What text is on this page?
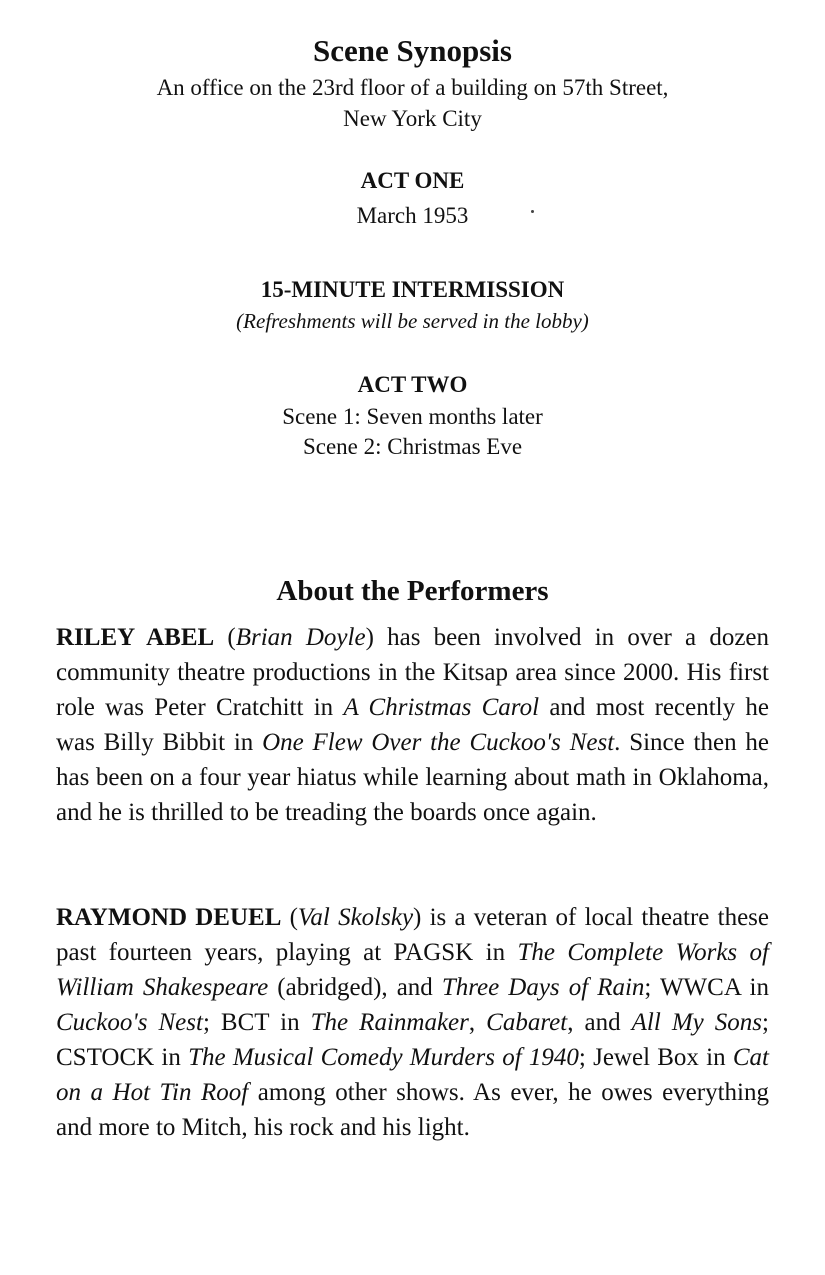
Scene Synopsis
An office on the 23rd floor of a building on 57th Street,
New York City
ACT ONE
March 1953
15-MINUTE INTERMISSION
(Refreshments will be served in the lobby)
ACT TWO
Scene 1: Seven months later
Scene 2: Christmas Eve
About the Performers
RILEY ABEL (Brian Doyle) has been involved in over a dozen community theatre productions in the Kitsap area since 2000. His first role was Peter Cratchitt in A Christmas Carol and most recently he was Billy Bibbit in One Flew Over the Cuckoo's Nest. Since then he has been on a four year hiatus while learning about math in Oklahoma, and he is thrilled to be treading the boards once again.
RAYMOND DEUEL (Val Skolsky) is a veteran of local theatre these past fourteen years, playing at PAGSK in The Complete Works of William Shakespeare (abridged), and Three Days of Rain; WWCA in Cuckoo's Nest; BCT in The Rainmaker, Cabaret, and All My Sons; CSTOCK in The Musical Comedy Murders of 1940; Jewel Box in Cat on a Hot Tin Roof among other shows. As ever, he owes everything and more to Mitch, his rock and his light.
